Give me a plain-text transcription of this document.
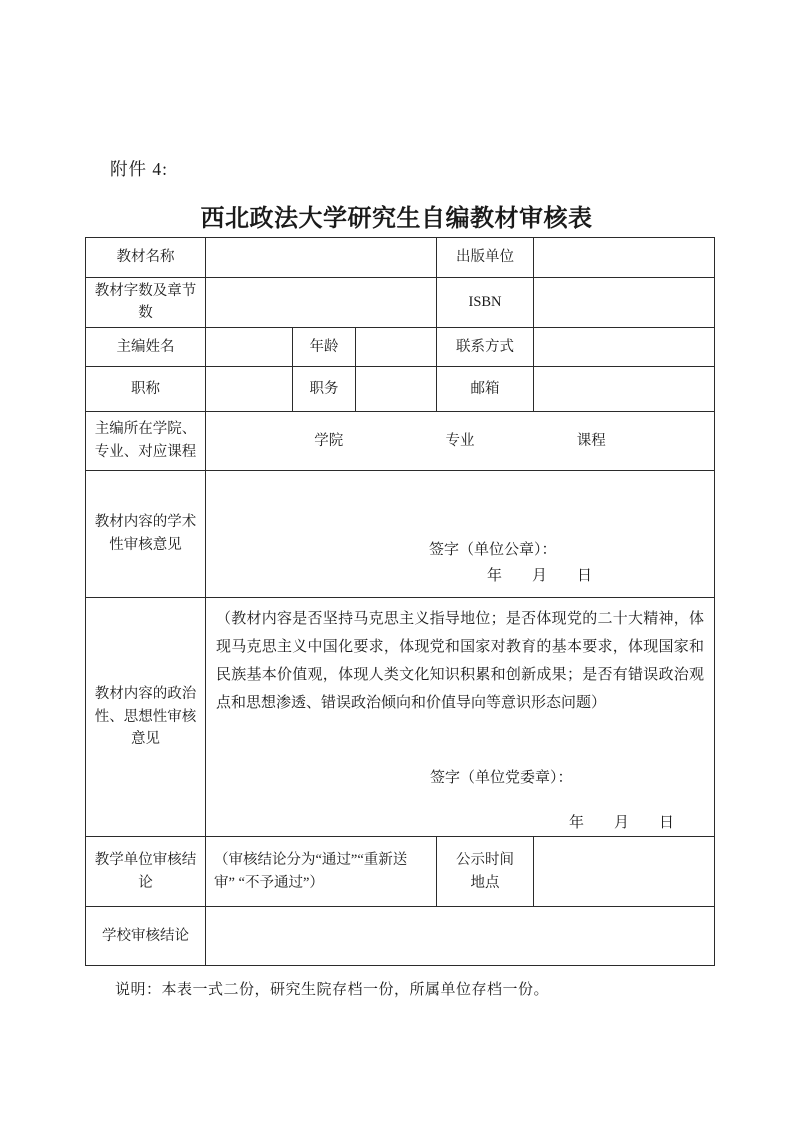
附件 4:
西北政法大学研究生自编教材审核表
教材名称				出版单位	
教材字数及章节数				ISBN	
主编姓名		年龄		联系方式	
职称		职务		邮箱	
主编所在学院、专业、对应课程	学院 专业 课程				

教材内容的学术性审核意见	签字（单位公章）：
年　　月　　日				

教材内容的政治性、思想性审核意见	（教材内容是否坚持马克思主义指导地位；是否体现党的二十大精神，体现马克思主义中国化要求，体现党和国家对教育的基本要求，体现国家和民族基本价值观，体现人类文化知识积累和创新成果；是否有错误政治观点和思想渗透、错误政治倾向和价值导向等意识形态问题）
签字（单位党委章）：
年　　月　　日				

教学单位审核结论	（审核结论分为“通过”“重新送审” “不予通过”）			公示时间地点	
学校审核结论					
说明：本表一式二份，研究生院存档一份，所属单位存档一份。
